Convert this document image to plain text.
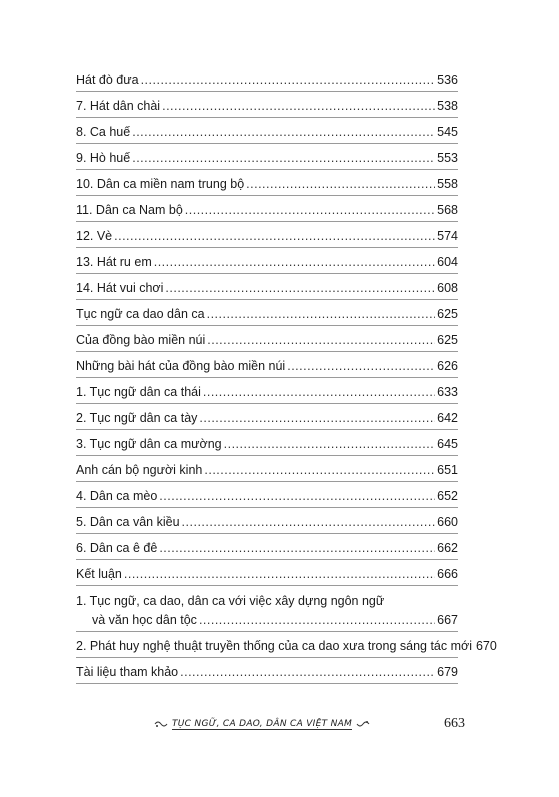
Hát đò đưa .....	536
7. Hát dân chài .....	538
8. Ca huế .....	545
9. Hò huế .....	553
10. Dân ca miền nam trung bộ .....	558
11. Dân ca Nam bộ .....	568
12. Vè .....	574
13. Hát ru em .....	604
14. Hát vui chơi .....	608
Tục ngữ ca dao dân ca .....	625
Của đồng bào miền núi .....	625
Những bài hát của đồng bào miền núi .....	626
1. Tục ngữ dân ca thái .....	633
2. Tục ngữ dân ca tày .....	642
3. Tục ngữ dân ca mường .....	645
Anh cán bộ người kinh .....	651
4. Dân ca mèo .....	652
5. Dân ca vân kiều .....	660
6. Dân ca ê đê .....	662
Kết luận .....	666
1. Tục ngữ, ca dao, dân ca với việc xây dựng ngôn ngữ
và văn học dân tộc .....	667
2. Phát huy nghệ thuật truyền thống của ca dao xưa trong sáng tác mới 670
Tài liệu tham khảo .....	679
TỤC NGỮ, CA DAO, DÂN CA VIỆT NAM	663
